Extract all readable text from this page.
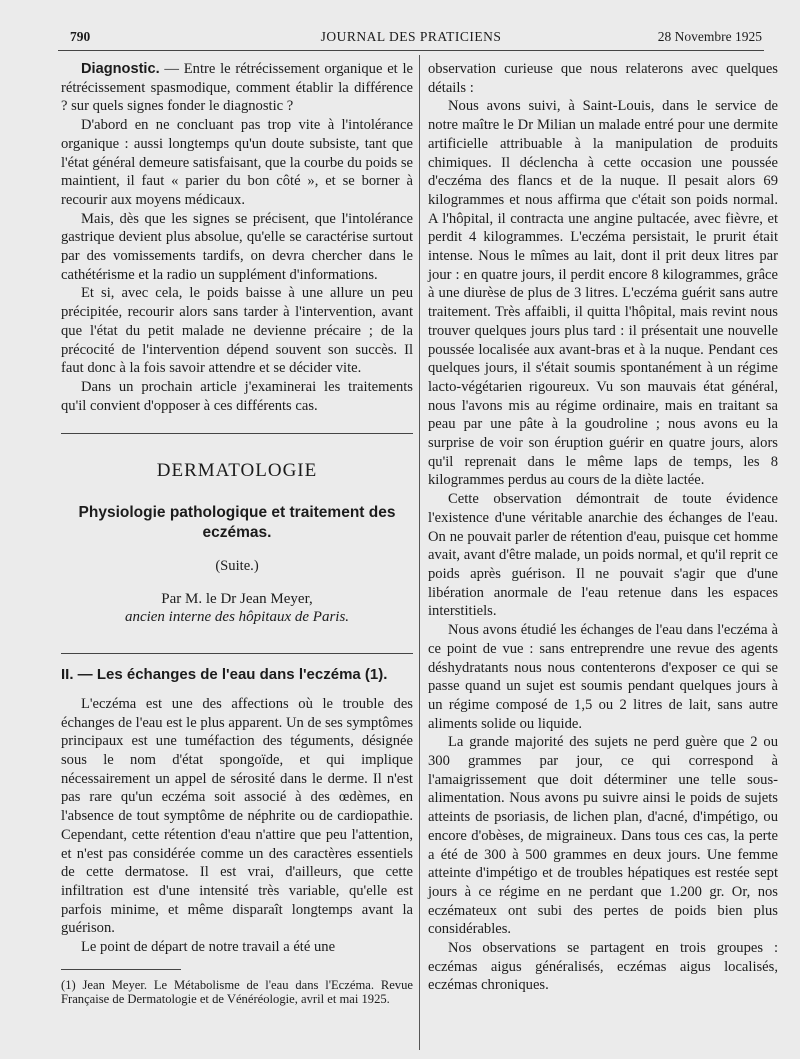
790	JOURNAL DES PRATICIENS	28 Novembre 1925

Diagnostic. — Entre le rétrécissement organique et le rétrécissement spasmodique, comment établir la différence ? sur quels signes fonder le diagnostic ?

D'abord en ne concluant pas trop vite à l'intolérance organique : aussi longtemps qu'un doute subsiste, tant que l'état général demeure satisfaisant, que la courbe du poids se maintient, il faut « parier du bon côté », et se borner à recourir aux moyens médicaux.

Mais, dès que les signes se précisent, que l'intolérance gastrique devient plus absolue, qu'elle se caractérise surtout par des vomissements tardifs, on devra chercher dans le cathétérisme et la radio un supplément d'informations.

Et si, avec cela, le poids baisse à une allure un peu précipitée, recourir alors sans tarder à l'intervention, avant que l'état du petit malade ne devienne précaire ; de la précocité de l'intervention dépend souvent son succès. Il faut donc à la fois savoir attendre et se décider vite.

Dans un prochain article j'examinerai les traitements qu'il convient d'opposer à ces différents cas.

DERMATOLOGIE
Physiologie pathologique et traitement des eczémas.
(Suite.)
Par M. le Dr Jean Meyer,
ancien interne des hôpitaux de Paris.
II. — Les échanges de l'eau dans l'eczéma (1).

L'eczéma est une des affections où le trouble des échanges de l'eau est le plus apparent. Un de ses symptômes principaux est une tuméfaction des téguments, désignée sous le nom d'état spongoïde, et qui implique nécessairement un appel de sérosité dans le derme. Il n'est pas rare qu'un eczéma soit associé à des œdèmes, en l'absence de tout symptôme de néphrite ou de cardiopathie. Cependant, cette rétention d'eau n'attire que peu l'attention, et n'est pas considérée comme un des caractères essentiels de cette dermatose. Il est vrai, d'ailleurs, que cette infiltration est d'une intensité très variable, qu'elle est parfois minime, et même disparaît longtemps avant la guérison.

Le point de départ de notre travail a été une

(1) Jean Meyer. Le Métabolisme de l'eau dans l'Eczéma. Revue Française de Dermatologie et de Vénéréologie, avril et mai 1925.

observation curieuse que nous relaterons avec quelques détails :

Nous avons suivi, à Saint-Louis, dans le service de notre maître le Dr Milian un malade entré pour une dermite artificielle attribuable à la manipulation de produits chimiques. Il déclencha à cette occasion une poussée d'eczéma des flancs et de la nuque. Il pesait alors 69 kilogrammes et nous affirma que c'était son poids normal. A l'hôpital, il contracta une angine pultacée, avec fièvre, et perdit 4 kilogrammes. L'eczéma persistait, le prurit était intense. Nous le mîmes au lait, dont il prit deux litres par jour : en quatre jours, il perdit encore 8 kilogrammes, grâce à une diurèse de plus de 3 litres. L'eczéma guérit sans autre traitement. Très affaibli, il quitta l'hôpital, mais revint nous trouver quelques jours plus tard : il présentait une nouvelle poussée localisée aux avant-bras et à la nuque. Pendant ces quelques jours, il s'était soumis spontanément à un régime lacto-végétarien rigoureux. Vu son mauvais état général, nous l'avons mis au régime ordinaire, mais en traitant sa peau par une pâte à la goudroline ; nous avons eu la surprise de voir son éruption guérir en quatre jours, alors qu'il reprenait dans le même laps de temps, les 8 kilogrammes perdus au cours de la diète lactée.

Cette observation démontrait de toute évidence l'existence d'une véritable anarchie des échanges de l'eau. On ne pouvait parler de rétention d'eau, puisque cet homme avait, avant d'être malade, un poids normal, et qu'il reprit ce poids après guérison. Il ne pouvait s'agir que d'une libération anormale de l'eau retenue dans les espaces interstitiels.

Nous avons étudié les échanges de l'eau dans l'eczéma à ce point de vue : sans entreprendre une revue des agents déshydratants nous nous contenterons d'exposer ce qui se passe quand un sujet est soumis pendant quelques jours à un régime composé de 1,5 ou 2 litres de lait, sans autre aliments solide ou liquide.

La grande majorité des sujets ne perd guère que 2 ou 300 grammes par jour, ce qui correspond à l'amaigrissement que doit déterminer une telle sous-alimentation. Nous avons pu suivre ainsi le poids de sujets atteints de psoriasis, de lichen plan, d'acné, d'impétigo, ou encore d'obèses, de migraineux. Dans tous ces cas, la perte a été de 300 à 500 grammes en deux jours. Une femme atteinte d'impétigo et de troubles hépatiques est restée sept jours à ce régime en ne perdant que 1.200 gr. Or, nos eczémateux ont subi des pertes de poids bien plus considérables.

Nos observations se partagent en trois groupes : eczémas aigus généralisés, eczémas aigus localisés, eczémas chroniques.
